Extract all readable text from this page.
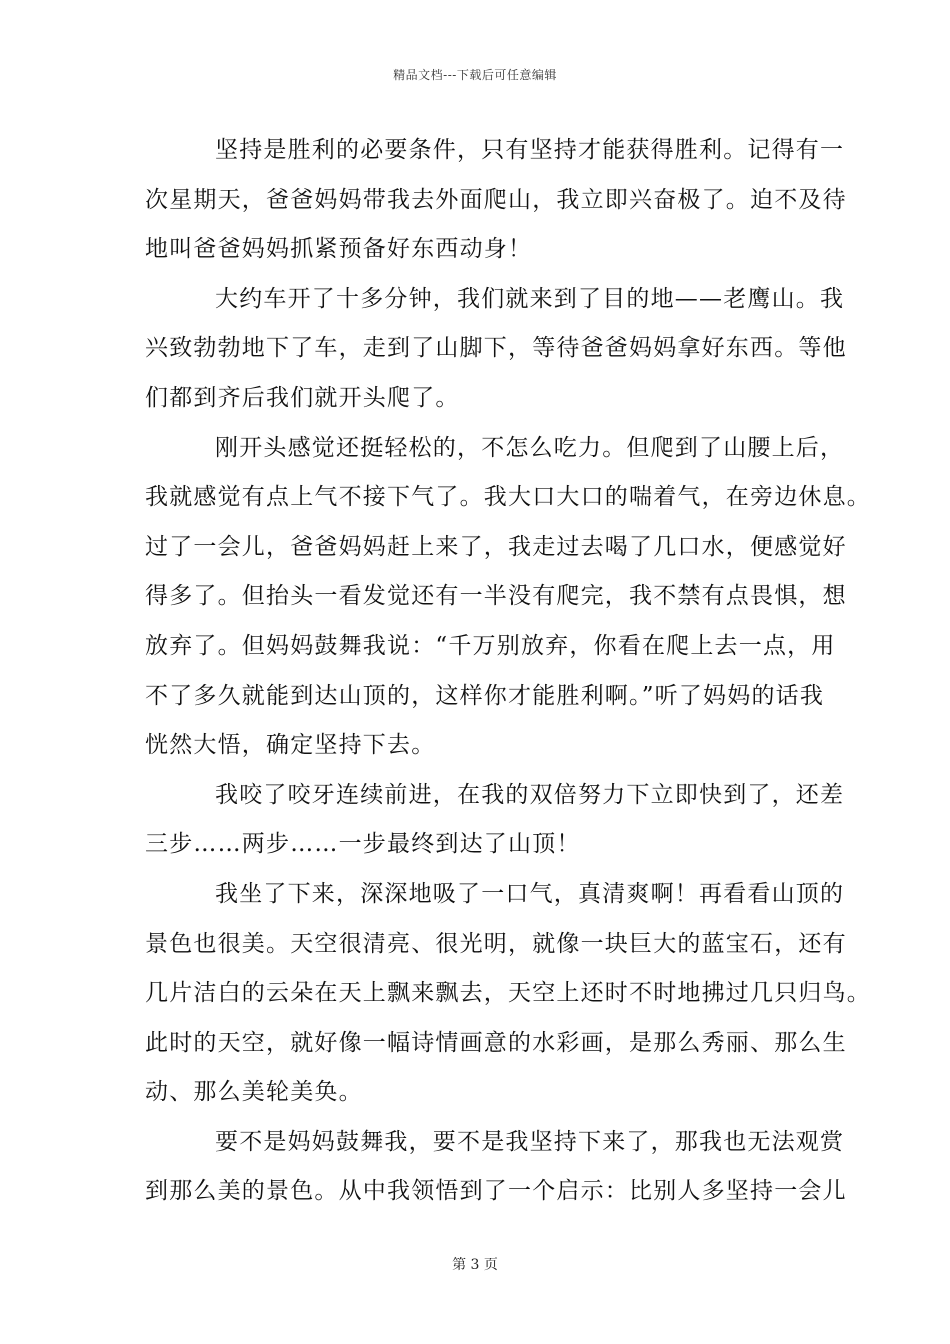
精品文档---下载后可任意编辑
坚持是胜利的必要条件，只有坚持才能获得胜利。记得有一
次星期天，爸爸妈妈带我去外面爬山，我立即兴奋极了。迫不及待
地叫爸爸妈妈抓紧预备好东西动身！
大约车开了十多分钟，我们就来到了目的地——老鹰山。我
兴致勃勃地下了车，走到了山脚下，等待爸爸妈妈拿好东西。等他
们都到齐后我们就开头爬了。
刚开头感觉还挺轻松的，不怎么吃力。但爬到了山腰上后，
我就感觉有点上气不接下气了。我大口大口的喘着气，在旁边休息。
过了一会儿，爸爸妈妈赶上来了，我走过去喝了几口水，便感觉好
得多了。但抬头一看发觉还有一半没有爬完，我不禁有点畏惧，想
放弃了。但妈妈鼓舞我说：“千万别放弃，你看在爬上去一点，用
不了多久就能到达山顶的，这样你才能胜利啊。”听了妈妈的话我
恍然大悟，确定坚持下去。
我咬了咬牙连续前进，在我的双倍努力下立即快到了，还差
三步……两步……一步最终到达了山顶！
我坐了下来，深深地吸了一口气，真清爽啊！再看看山顶的
景色也很美。天空很清亮、很光明，就像一块巨大的蓝宝石，还有
几片洁白的云朵在天上飘来飘去，天空上还时不时地拂过几只归鸟。
此时的天空，就好像一幅诗情画意的水彩画，是那么秀丽、那么生
动、那么美轮美奂。
要不是妈妈鼓舞我，要不是我坚持下来了，那我也无法观赏
到那么美的景色。从中我领悟到了一个启示：比别人多坚持一会儿
第 3 页
